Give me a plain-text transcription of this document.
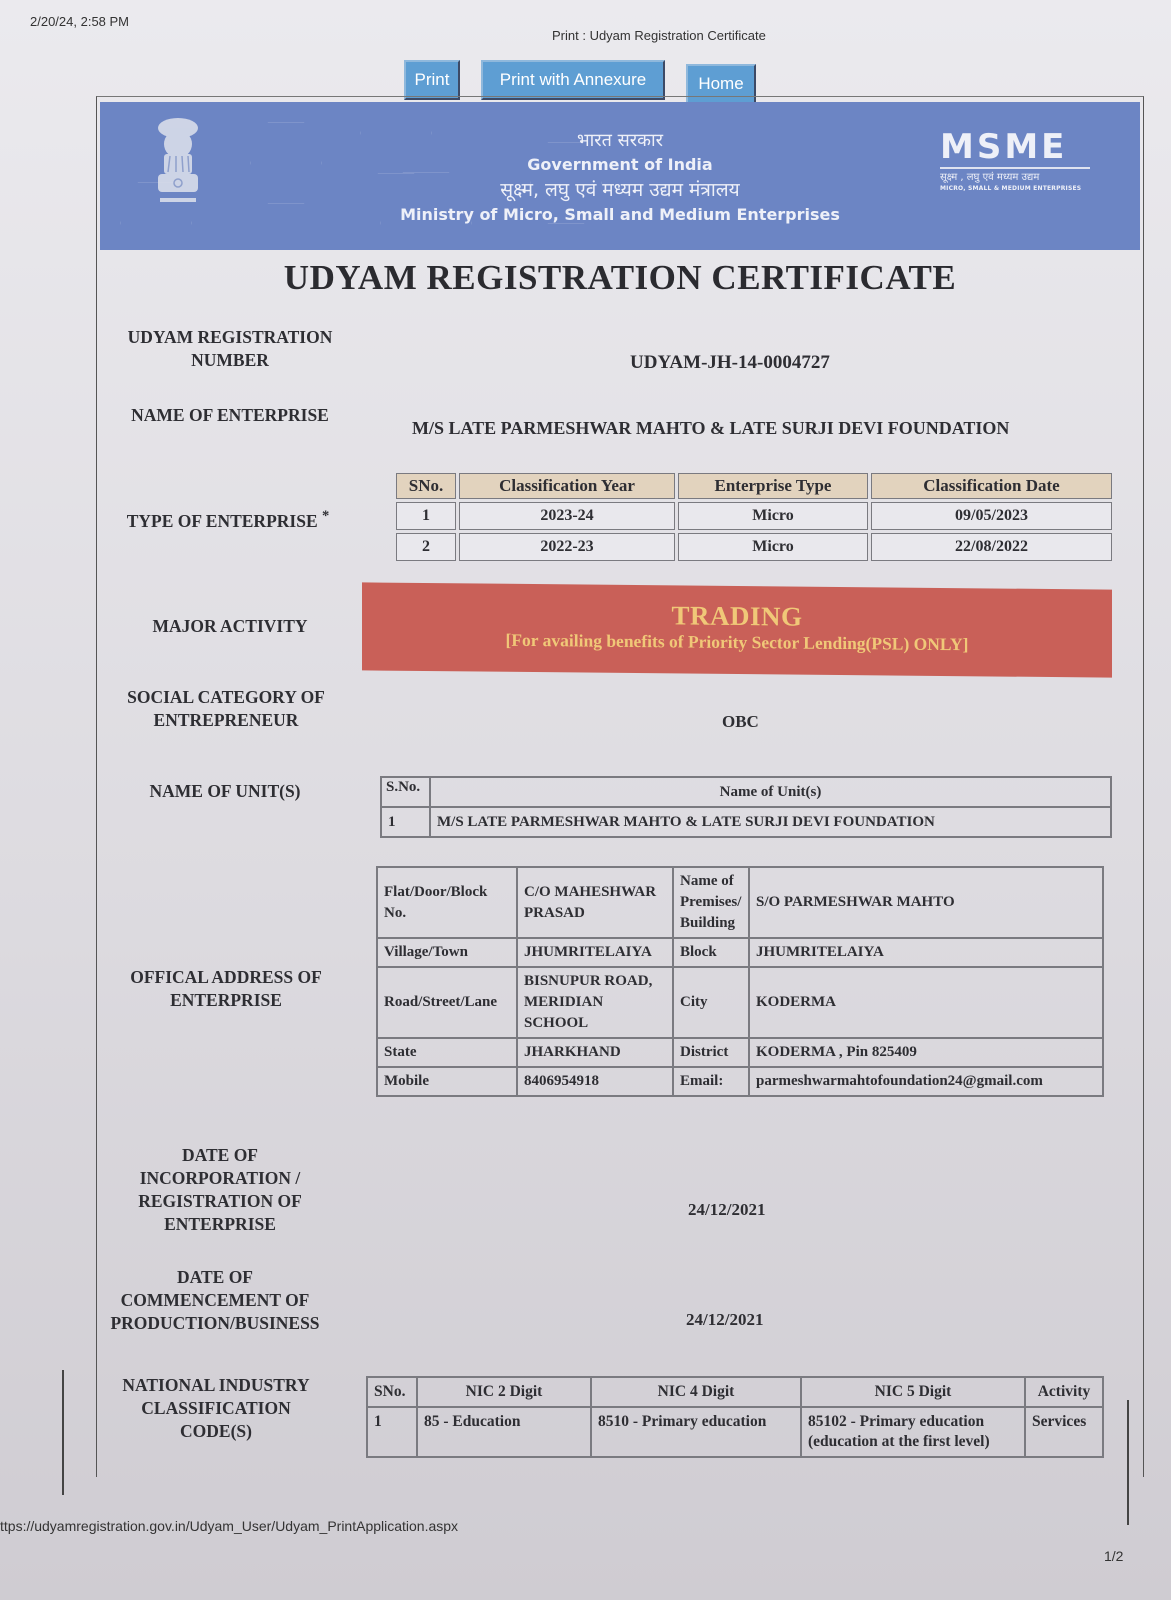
2/20/24, 2:58 PM
Print : Udyam Registration Certificate
Print	Print with Annexure	Home
भारत सरकार
Government of India
सूक्ष्म, लघु एवं मध्यम उद्यम मंत्रालय
Ministry of Micro, Small and Medium Enterprises
MSME
सूक्ष्म , लघु एवं मध्यम उद्यम
MICRO, SMALL & MEDIUM ENTERPRISES
UDYAM REGISTRATION CERTIFICATE
UDYAM REGISTRATION
NUMBER	UDYAM-JH-14-0004727
NAME OF ENTERPRISE
M/S LATE PARMESHWAR MAHTO & LATE SURJI DEVI FOUNDATION
TYPE OF ENTERPRISE *
SNo.	Classification Year	Enterprise Type	Classification Date
1	2023-24	Micro	09/05/2023
2	2022-23	Micro	22/08/2022
MAJOR ACTIVITY	TRADING
[For availing benefits of Priority Sector Lending(PSL) ONLY]
SOCIAL CATEGORY OF
ENTREPRENEUR	OBC
NAME OF UNIT(S)	S.No.	Name of Unit(s)
1	M/S LATE PARMESHWAR MAHTO & LATE SURJI DEVI FOUNDATION
OFFICAL ADDRESS OF
ENTERPRISE
Flat/Door/Block No.	C/O MAHESHWAR PRASAD	Name of Premises/ Building	S/O PARMESHWAR MAHTO
Village/Town	JHUMRITELAIYA	Block	JHUMRITELAIYA
Road/Street/Lane	BISNUPUR ROAD, MERIDIAN SCHOOL	City	KODERMA
State	JHARKHAND	District	KODERMA , Pin 825409
Mobile	8406954918	Email:	parmeshwarmahtofoundation24@gmail.com
DATE OF
INCORPORATION /
REGISTRATION OF
ENTERPRISE
24/12/2021
DATE OF
COMMENCEMENT OF
PRODUCTION/BUSINESS	24/12/2021
NATIONAL INDUSTRY
CLASSIFICATION
CODE(S)
SNo.	NIC 2 Digit	NIC 4 Digit	NIC 5 Digit	Activity
1	85 - Education	8510 - Primary education	85102 - Primary education (education at the first level)	Services
ttps://udyamregistration.gov.in/Udyam_User/Udyam_PrintApplication.aspx
1/2
